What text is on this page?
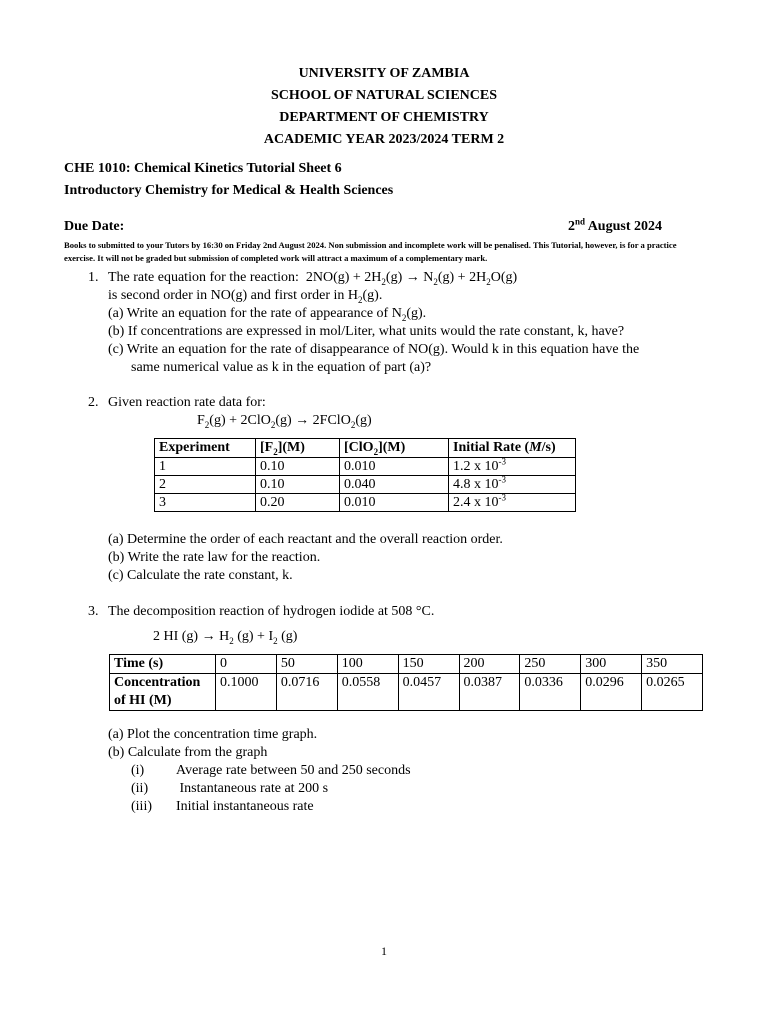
UNIVERSITY OF ZAMBIA
SCHOOL OF NATURAL SCIENCES
DEPARTMENT OF CHEMISTRY
ACADEMIC YEAR 2023/2024 TERM 2
CHE 1010: Chemical Kinetics Tutorial Sheet 6
Introductory Chemistry for Medical & Health Sciences
Due Date:	2nd August 2024
Books to submitted to your Tutors by 16:30 on Friday 2nd August 2024. Non submission and incomplete work will be penalised. This Tutorial, however, is for a practice exercise. It will not be graded but submission of completed work will attract a maximum of a complementary mark.
1. The rate equation for the reaction:  $2NO(g) + 2H_2(g) \to N_2(g) + 2H_2O(g)$
is second order in NO(g) and first order in $H_2(g)$.
(a) Write an equation for the rate of appearance of $N_2(g)$.
(b) If concentrations are expressed in mol/Liter, what units would the rate constant, k, have?
(c) Write an equation for the rate of disappearance of NO(g). Would k in this equation have the
same numerical value as k in the equation of part (a)?
2. Given reaction rate data for:
$F_2(g) + 2ClO_2(g)$ → 2FClO$_2$(g)
Experiment	$[F_2](M)$	[ClO$_2$](M)	Initial Rate (M/s)
1	0.10	0.010	1.2 x $10^{-3}$
2	0.10	0.040	4.8 x $10^{-3}$
3	0.20	0.010	2.4 x $10^{-3}$
(a) Determine the order of each reactant and the overall reaction order.
(b) Write the rate law for the reaction.
(c) Calculate the rate constant, k.
3. The decomposition reaction of hydrogen iodide at 508 °C.
2 HI $(g) \to H_2$ $(g) + I_2$ (g)
Time (s)	0	50	100	150	200	250	300	350
Concentration
of HI (M)	0.1000	0.0716	0.0558	0.0457	0.0387	0.0336	0.0296	0.0265
(a) Plot the concentration time graph.
(b) Calculate from the graph
(i) Average rate between 50 and 250 seconds
(ii) Instantaneous rate at 200 s
(iii) Initial instantaneous rate
1
